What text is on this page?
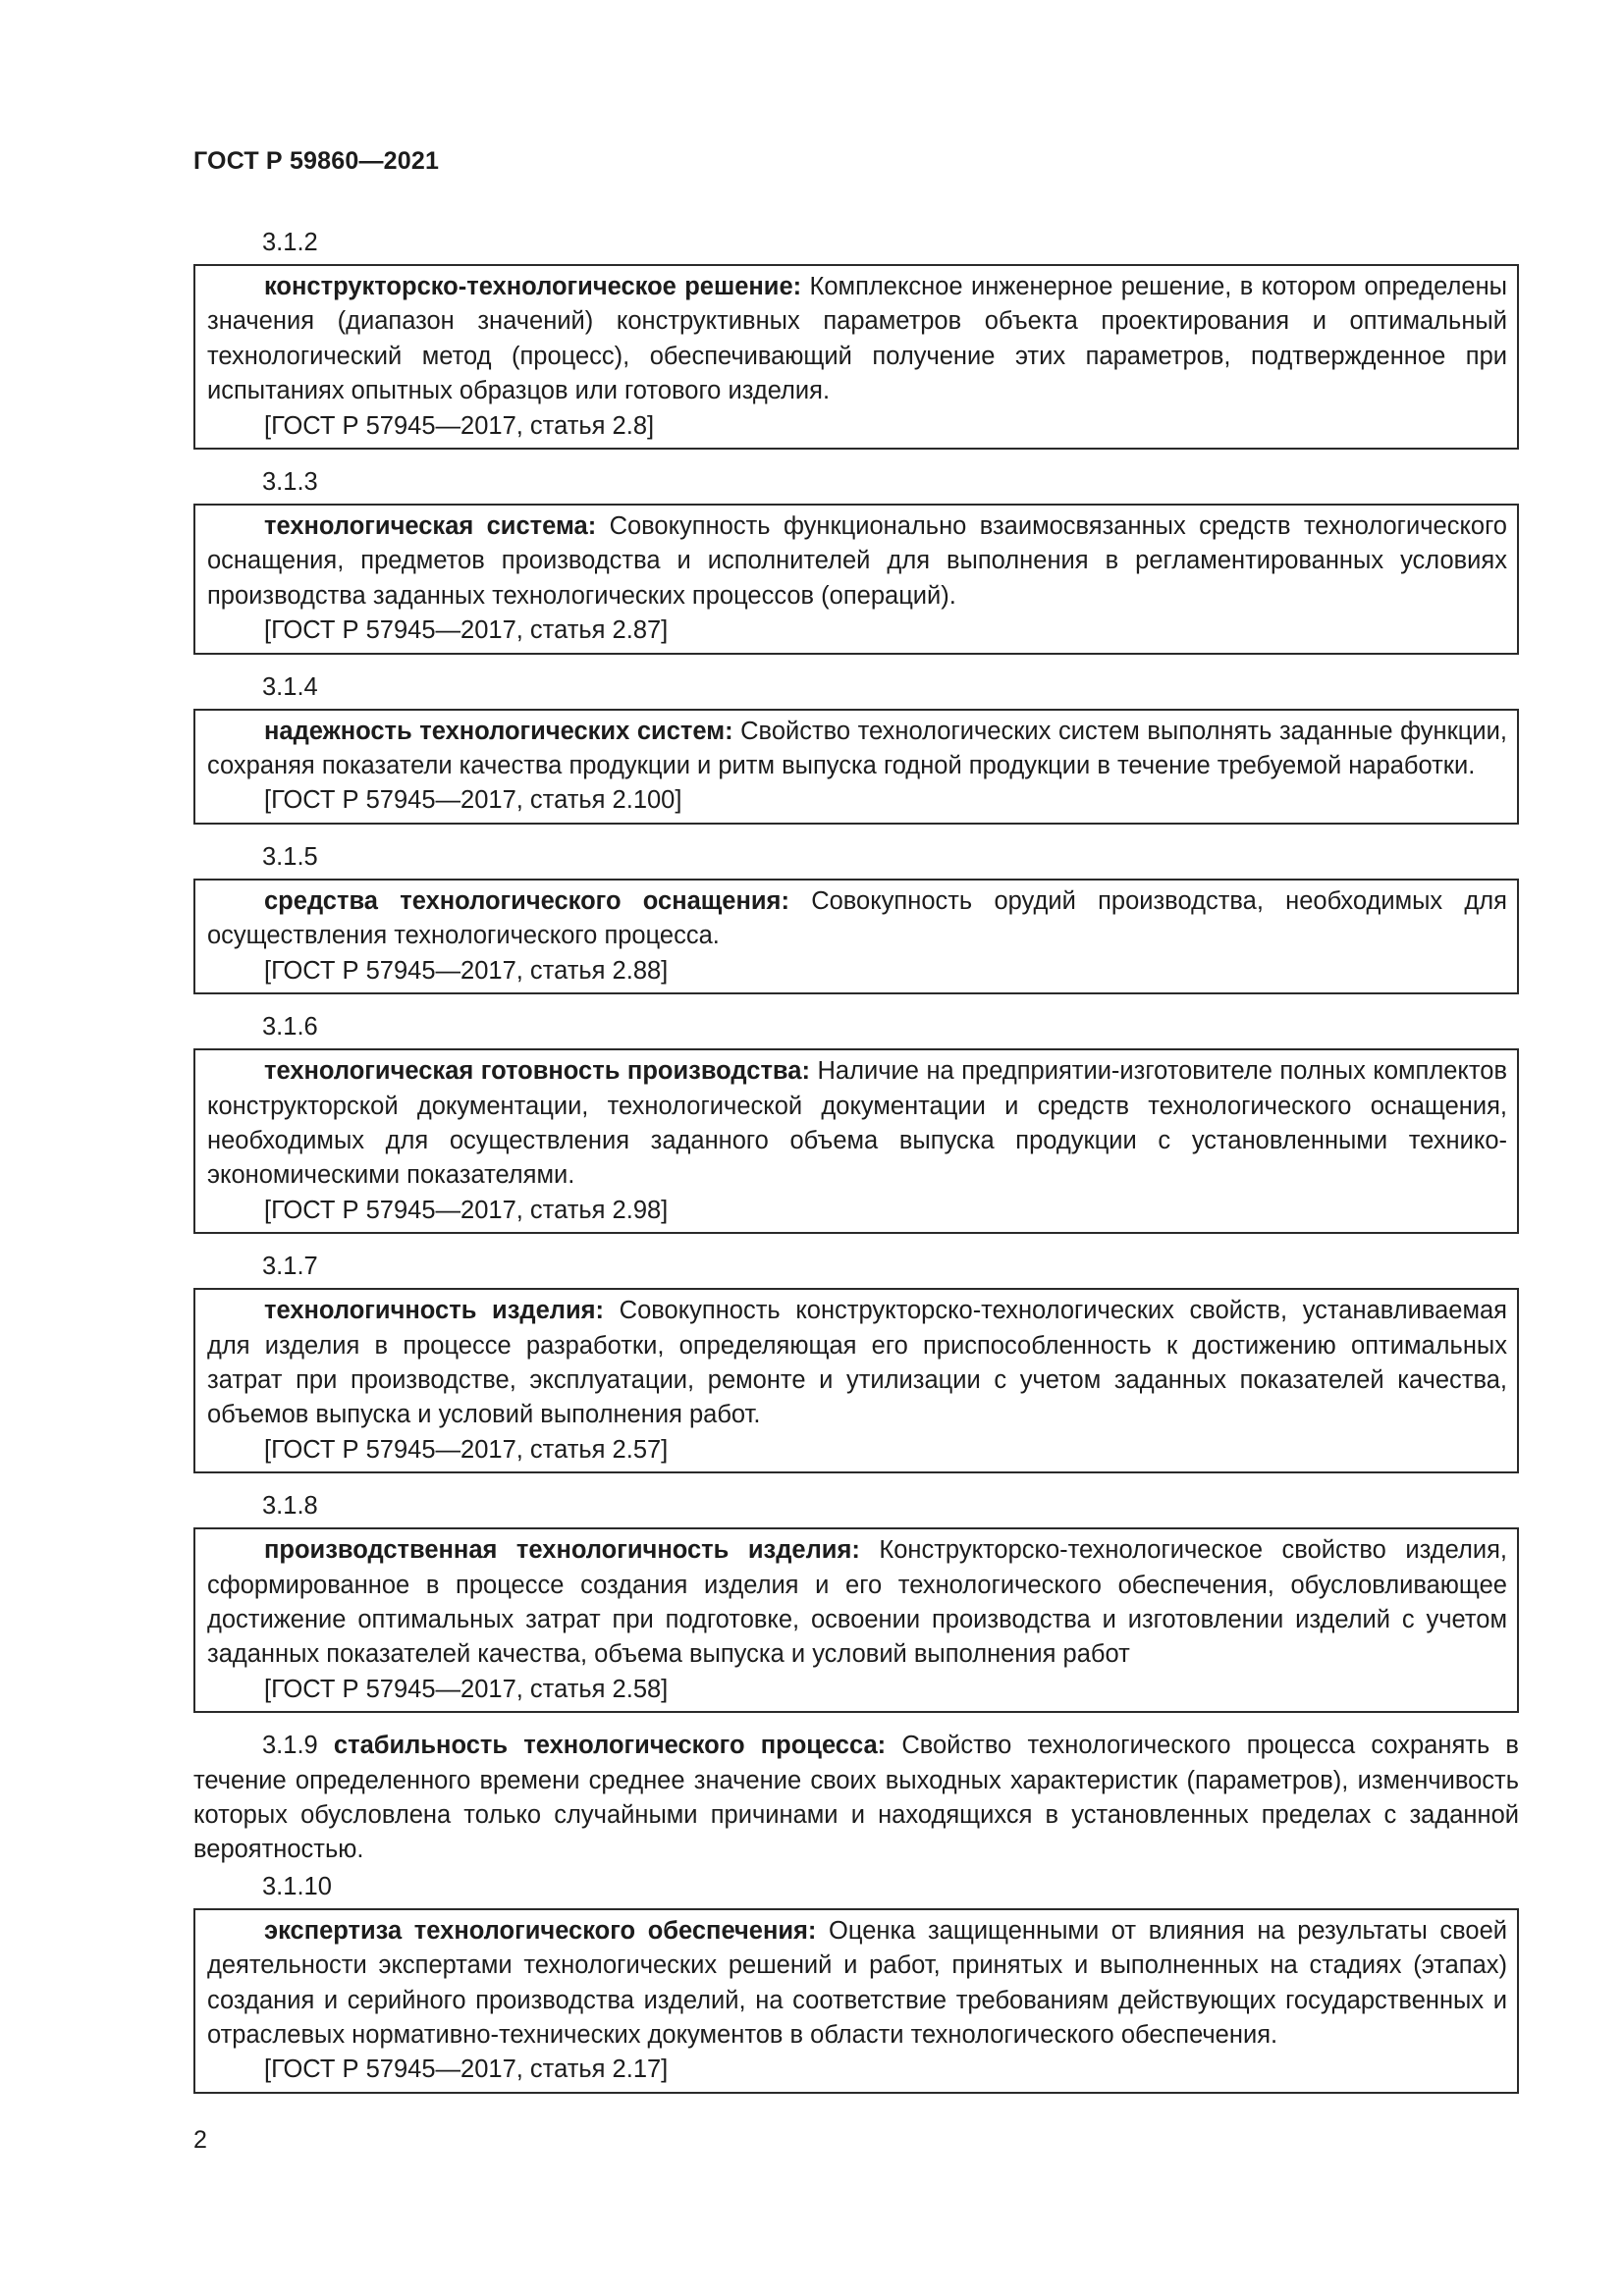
ГОСТ Р 59860—2021
3.1.2

конструкторско-технологическое решение: Комплексное инженерное решение, в котором определены значения (диапазон значений) конструктивных параметров объекта проектирования и оптимальный технологический метод (процесс), обеспечивающий получение этих параметров, подтвержденное при испытаниях опытных образцов или готового изделия.

[ГОСТ Р 57945—2017, статья 2.8]

3.1.3

технологическая система: Совокупность функционально взаимосвязанных средств технологического оснащения, предметов производства и исполнителей для выполнения в регламентированных условиях производства заданных технологических процессов (операций).

[ГОСТ Р 57945—2017, статья 2.87]

3.1.4

надежность технологических систем: Свойство технологических систем выполнять заданные функции, сохраняя показатели качества продукции и ритм выпуска годной продукции в течение требуемой наработки.

[ГОСТ Р 57945—2017, статья 2.100]

3.1.5

средства технологического оснащения: Совокупность орудий производства, необходимых для осуществления технологического процесса.

[ГОСТ Р 57945—2017, статья 2.88]

3.1.6

технологическая готовность производства: Наличие на предприятии-изготовителе полных комплектов конструкторской документации, технологической документации и средств технологического оснащения, необходимых для осуществления заданного объема выпуска продукции с установленными технико-экономическими показателями.

[ГОСТ Р 57945—2017, статья 2.98]

3.1.7

технологичность изделия: Совокупность конструкторско-технологических свойств, устанавливаемая для изделия в процессе разработки, определяющая его приспособленность к достижению оптимальных затрат при производстве, эксплуатации, ремонте и утилизации с учетом заданных показателей качества, объемов выпуска и условий выполнения работ.

[ГОСТ Р 57945—2017, статья 2.57]

3.1.8

производственная технологичность изделия: Конструкторско-технологическое свойство изделия, сформированное в процессе создания изделия и его технологического обеспечения, обусловливающее достижение оптимальных затрат при подготовке, освоении производства и изготовлении изделий с учетом заданных показателей качества, объема выпуска и условий выполнения работ

[ГОСТ Р 57945—2017, статья 2.58]

3.1.9 стабильность технологического процесса: Свойство технологического процесса сохранять в течение определенного времени среднее значение своих выходных характеристик (параметров), изменчивость которых обусловлена только случайными причинами и находящихся в установленных пределах с заданной вероятностью.

3.1.10

экспертиза технологического обеспечения: Оценка защищенными от влияния на результаты своей деятельности экспертами технологических решений и работ, принятых и выполненных на стадиях (этапах) создания и серийного производства изделий, на соответствие требованиям действующих государственных и отраслевых нормативно-технических документов в области технологического обеспечения.

[ГОСТ Р 57945—2017, статья 2.17]

2
